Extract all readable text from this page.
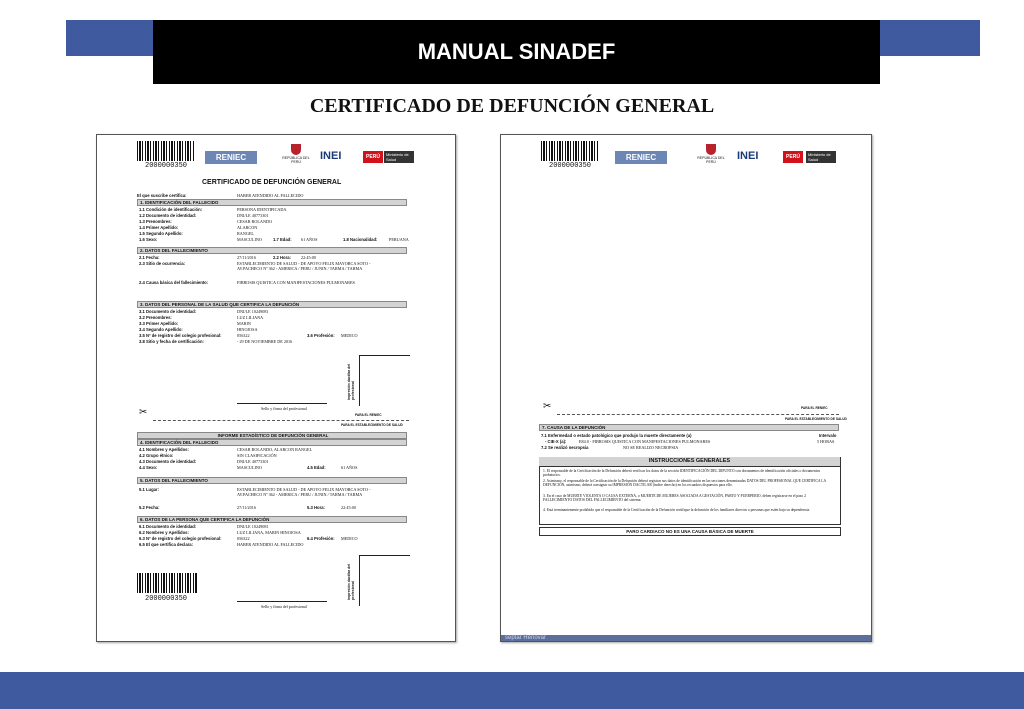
MANUAL SINADEF
CERTIFICADO DE DEFUNCIÓN GENERAL
2000000350
RENIEC	REPÚBLICA DEL PERÚ	INEI	PERÚ	Ministerio de Salud
CERTIFICADO DE DEFUNCIÓN GENERAL
El que suscribe certifica:	HABER ATENDIDO AL FALLECIDO
1. IDENTIFICACIÓN DEL FALLECIDO
1.1 Condición de identificación:	PERSONA IDENTIFICADA
1.2 Documento de identidad:	DNI/LE 40773301
1.3 Prenombres:	CESAR ROLANDO
1.4 Primer Apellido:	ALARCON
1.5 Segundo Apellido:	RANGEL
1.6 Sexo:	MASCULINO	1.7 Edad: 61 AÑOS	1.8 Nacionalidad:	PERUANA
2. DATOS DEL FALLECIMIENTO
2.1 Fecha:	27/11/2016	2.2 Hora: 22:45:00
2.3 Sitio de ocurrencia:	ESTABLECIMIENTO DE SALUD - DE APOYO FELIX MAYORCA SOTO -
AV.PACHECO Nº 362 - AMERICA / PERU / JUNIN / TARMA / TARMA
2.4 Causa básica del fallecimiento:	FIBROSIS QUISTICA CON MANIFESTACIONES PULMONARES
3. DATOS DEL PERSONAL DE LA SALUD QUE CERTIFICA LA DEFUNCIÓN
3.1 Documento de identidad:	DNI/LE 10249081
3.2 Prenombres:	LUZ LILIANA
3.3 Primer Apellido:	MARIN
3.4 Segundo Apellido:	HINOJOSA
3.5 Nº de registro del colegio profesional:	056322	3.6 Profesión: MEDICO
3.8 Sitio y fecha de certificación:	- 29 DE NOVIEMBRE DE 2016
Impresión dactilar del profesional
Sello y firma del profesional
✂	PARA EL RENIEC
PARA EL ESTABLECIMIENTO DE SALUD
INFORME ESTADÍSTICO DE DEFUNCIÓN GENERAL
4. IDENTIFICACIÓN DEL FALLECIDO
4.1 Nombres y Apellidos:	CESAR ROLANDO, ALARCON RANGEL
4.2 Grupo étnico:	SIN CLASIFICACIÓN
4.3 Documento de identidad:	DNI/LE 40773301
4.4 Sexo:	MASCULINO	4.5 Edad:	61 AÑOS
5. DATOS DEL FALLECIMIENTO
5.1 Lugar:	ESTABLECIMIENTO DE SALUD - DE APOYO FELIX MAYORCA SOTO -
AV.PACHECO Nº 362 - AMERICA / PERU / JUNIN / TARMA / TARMA
5.2 Fecha:	27/11/2016	5.3 Hora:	22:45:00
6. DATOS DE LA PERSONA QUE CERTIFICA LA DEFUNCIÓN
6.1 Documento de identidad:	DNI/LE 10249081
6.2 Nombres y Apellidos:	LUZ LILIANA, MARIN HINOJOSA
6.3 Nº de registro del colegio profesional:	056322	6.4 Profesión: MEDICO
6.5 El que certifica declara:	HABER ATENDIDO AL FALLECIDO
Impresión dactilar del profesional
2000000350
Sello y firma del profesional
2000000350
RENIEC	REPÚBLICA DEL PERÚ	INEI	PERÚ	Ministerio de Salud
✂	PARA EL RENIEC
PARA EL ESTABLECIMIENTO DE SALUD
7. CAUSA DE LA DEFUNCIÓN
7.1 Enfermedad o estado patológico que produjo la muerte directamente (a)	Intervalo
- CIE-X (a):	E84.0 - FIBROSIS QUISTICA CON MANIFESTACIONES PULMONARES	5 HORAS
7.2 Se realizó necropsia	NO SE REALIZO NECROPSIA
INSTRUCCIONES GENERALES
1. El responsable de la Certificación de la Defunción deberá verificar los datos de la sección IDENTIFICACIÓN DEL DIFUNTO con documentos de identificación oficiales o documentos probatorios.
2. Asimismo, el responsable de la Certificación de la Defunción deberá registrar sus datos de identificación en las secciones denominadas DATOS DEL PROFESIONAL QUE CERTIFICA LA DEFUNCIÓN, asimismo, deberá consignar su IMPRESIÓN DACTILAR (índice derecho) en los recuadros dispuestos para ello.
3. En el caso de MUERTE VIOLENTA O CAUSA EXTERNA, o MUERTE DE MUJERES ASOCIADA A GESTACIÓN, PARTO Y PUERPERIO, deben registrarse en el paso 2 FALLECIMIENTO DATOS DEL FALLECIMIENTO del sistema.
4. Está terminantemente prohibido que el responsable de la Certificación de la Defunción certifique la defunción de los familiares directos o personas que estén bajo su dependencia.
PARO CARDIACO NO ES UNA CAUSA BÁSICA DE MUERTE
septar Renovar
